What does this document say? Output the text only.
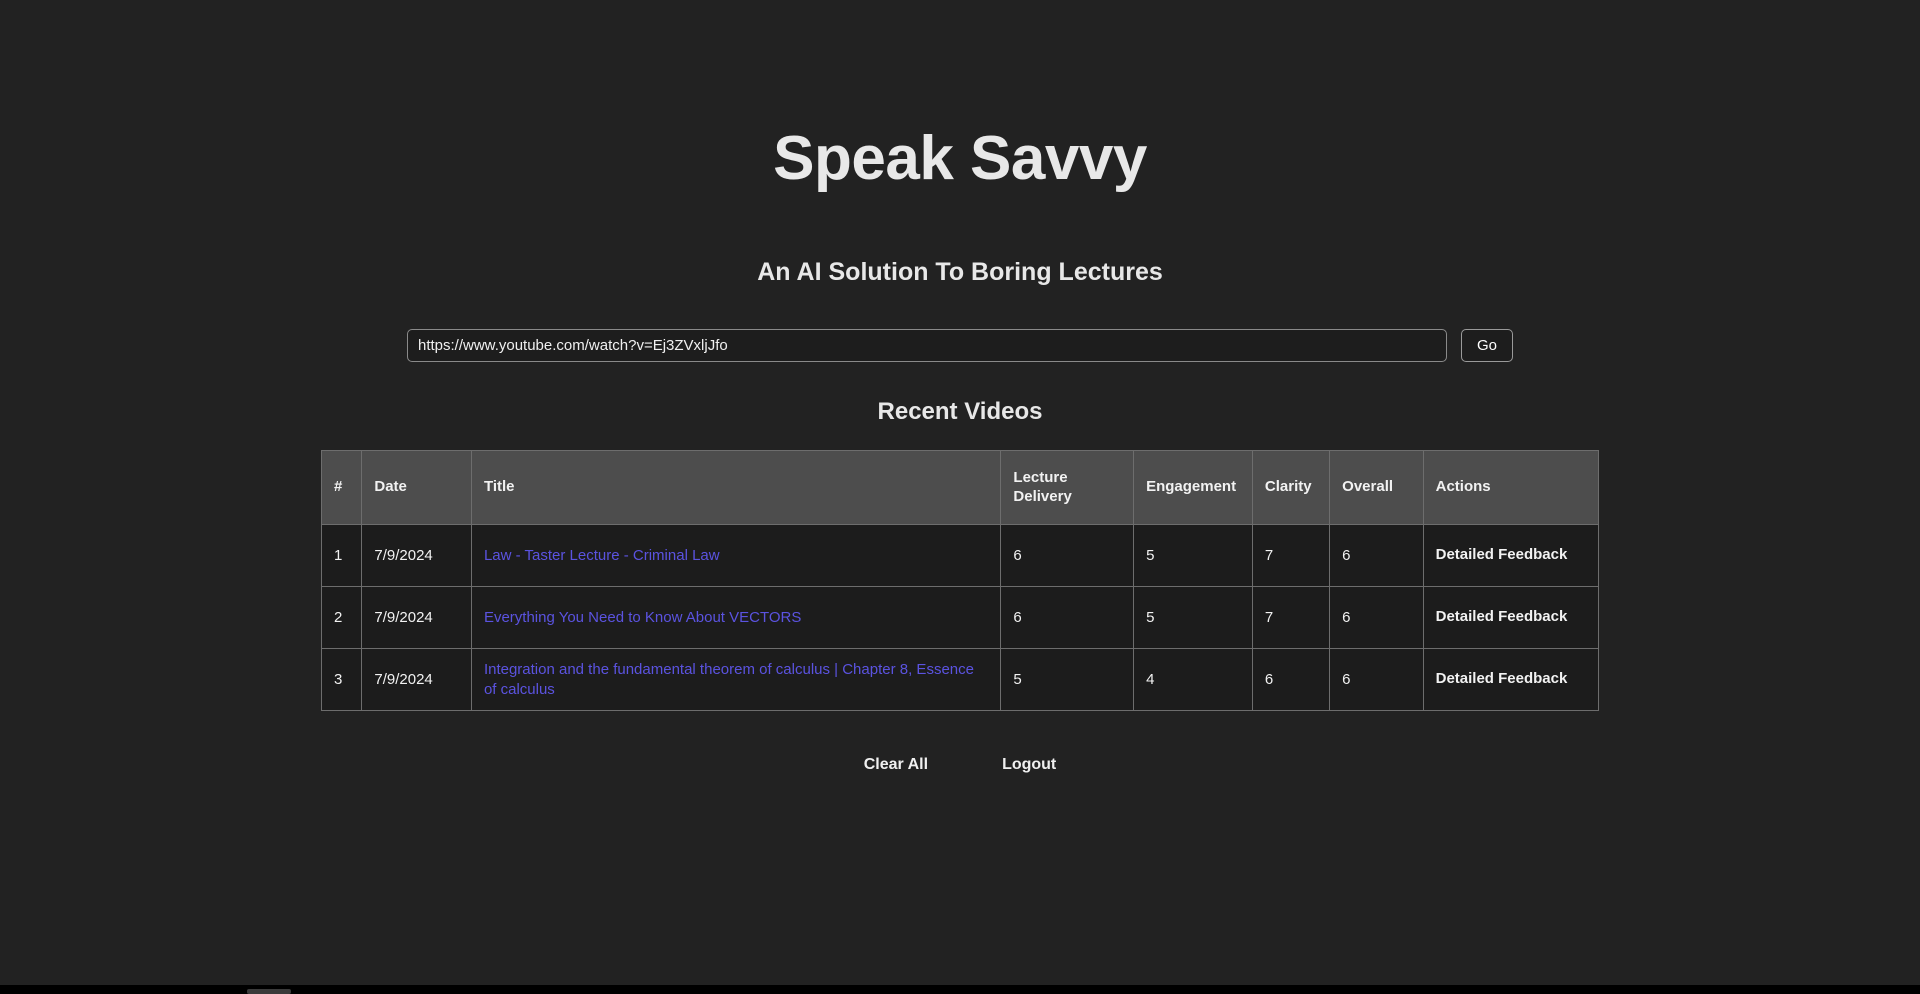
Speak Savvy
An AI Solution To Boring Lectures
https://www.youtube.com/watch?v=Ej3ZVxljJfo
Go
Recent Videos
#	Date	Title	Lecture Delivery	Engagement	Clarity	Overall	Actions
1	7/9/2024	Law - Taster Lecture - Criminal Law	6	5	7	6	Detailed Feedback
2	7/9/2024	Everything You Need to Know About VECTORS	6	5	7	6	Detailed Feedback
3	7/9/2024	Integration and the fundamental theorem of calculus | Chapter 8, Essence of calculus	5	4	6	6	Detailed Feedback
Clear All	Logout
